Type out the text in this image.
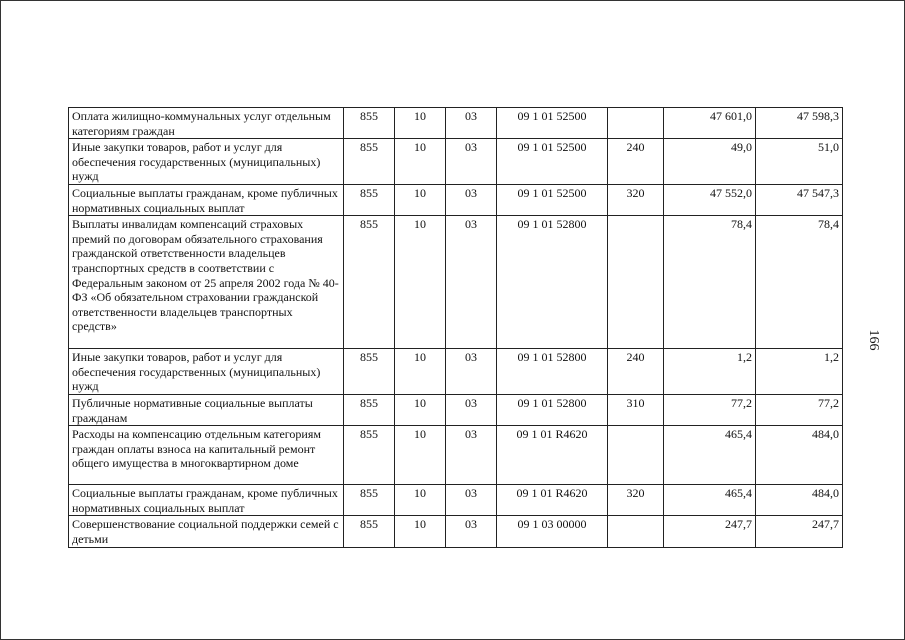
Оплата жилищно-коммунальных услуг отдельным категориям граждан	855	10	03	09 1 01 52500		47 601,0	47 598,3
Иные закупки товаров, работ и услуг для обеспечения государственных (муниципальных) нужд	855	10	03	09 1 01 52500	240	49,0	51,0
Социальные выплаты гражданам, кроме публичных нормативных социальных выплат	855	10	03	09 1 01 52500	320	47 552,0	47 547,3
Выплаты инвалидам компенсаций страховых премий по договорам обязательного страхования гражданской ответственности владельцев транспортных средств в соответствии с Федеральным законом от 25 апреля 2002 года № 40-ФЗ «Об обязательном страховании гражданской ответственности владельцев транспортных средств»	855	10	03	09 1 01 52800		78,4	78,4
Иные закупки товаров, работ и услуг для обеспечения государственных (муниципальных) нужд	855	10	03	09 1 01 52800	240	1,2	1,2
Публичные нормативные социальные выплаты гражданам	855	10	03	09 1 01 52800	310	77,2	77,2
Расходы на компенсацию отдельным категориям граждан оплаты взноса на капитальный ремонт общего имущества в многоквартирном доме	855	10	03	09 1 01 R4620		465,4	484,0
Социальные выплаты гражданам, кроме публичных нормативных социальных выплат	855	10	03	09 1 01 R4620	320	465,4	484,0
Совершенствование социальной поддержки семей с детьми	855	10	03	09 1 03 00000		247,7	247,7
166
